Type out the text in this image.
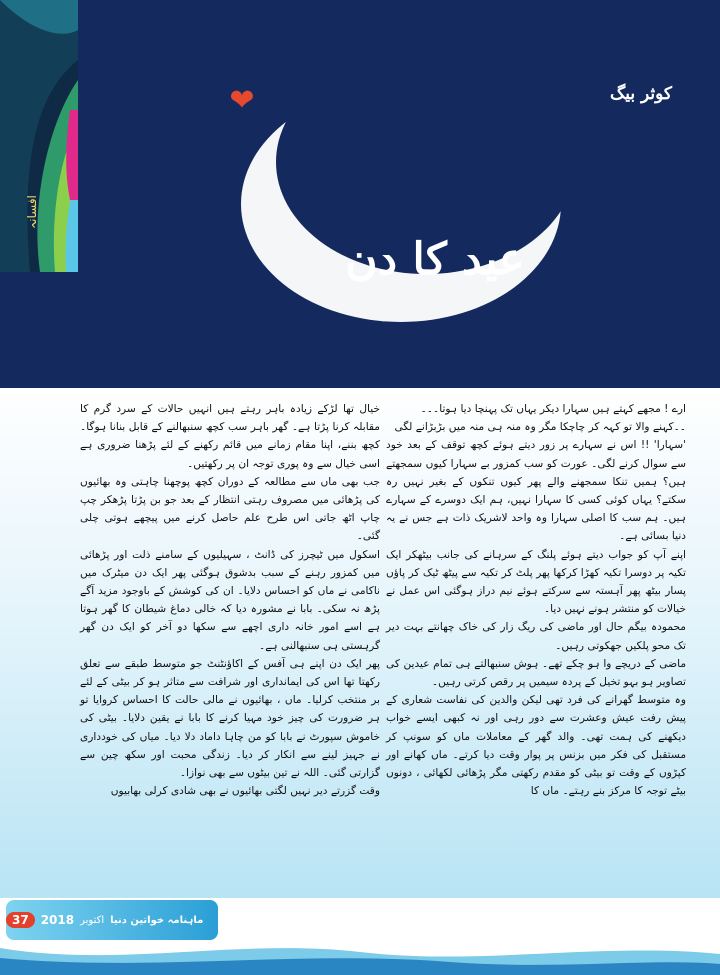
افسانہ
❤	کوثر بیگ
عید کا دن

ارے ! مجھے کہتے ہیں سہارا دیکر یہاں تک پہنچا دیا ہوتا۔۔۔

۔۔کہنے والا تو کہہ کر چاچکا مگر وہ منہ ہی منہ میں بڑبڑانے لگی

'سہارا' !! اس نے سہارے پر زور دیتے ہوئے کچھ توقف کے بعد خود سے سوال کرنے لگی۔ عورت کو سب کمزور بے سہارا کیوں سمجھتے ہیں؟ ہمیں تنکا سمجھنے والے پھر کیوں تنکوں کے بغیر نہیں رہ سکتے؟ یہاں کوئی کسی کا سہارا نہیں، ہم ایک دوسرے کے سہارے ہیں۔ ہم سب کا اصلی سہارا وہ واحد لاشریک ذات ہے جس نے یہ دنیا بسائی ہے۔

اپنے آپ کو جواب دیتے ہوئے پلنگ کے سرہانے کی جانب بیٹھکر ایک تکیہ پر دوسرا تکیہ کھڑا کرکھا پھر پلٹ کر تکیہ سے پیٹھ ٹیک کر پاؤں پسار بیٹھ پھر آہستہ سے سرکتے ہوئے نیم دراز ہوگئی اس عمل نے خیالات کو منتشر ہونے نہیں دیا۔

محمودہ بیگم حال اور ماضی کی ریگ زار کی خاک چھانتے بہت دیر تک محو پلکیں جھکوتی رہیں۔

ماضی کے دریچے وا ہو چکے تھے۔ ہوش سنبھالتے ہی تمام عیدین کی تصاویر ہو بہو تخیل کے پردہ سیمیں پر رقص کرتی رہیں۔

وہ متوسط گھرانے کی فرد تھی لیکن والدین کی نفاست شعاری کے پیش رفت عیش وعشرت سے دور رہی اور نہ کبھی ایسے خواب دیکھنے کی ہمت تھی۔ والد گھر کے معاملات ماں کو سونپ کر مستقبل کی فکر میں بزنس پر پوار وقت دیا کرتے۔ ماں کھانے اور کپڑوں کے وقت تو بیٹی کو مقدم رکھتی مگر پڑھائی لکھائی ، دونوں بیٹے توجہ کا مرکز بنے رہتے۔ ماں کا

خیال تھا لڑکے زیادہ باہر رہتے ہیں انہیں حالات کے سرد گرم کا مقابلہ کرنا پڑتا ہے۔ گھر باہر سب کچھ سنبھالنے کے قابل بنانا ہوگا۔ کچھ بننے، اپنا مقام زمانے میں قائم رکھنے کے لئے پڑھنا ضروری ہے اسی خیال سے وہ پوری توجہ ان پر رکھتیں۔

جب بھی ماں سے مطالعہ کے دوران کچھ پوچھنا چاہتی وہ بھائیوں کی پڑھائی میں مصروف رہتی انتظار کے بعد جو بن پڑتا پڑھکر چپ چاپ اٹھ جاتی اس طرح علم حاصل کرنے میں پیچھے ہوتی چلی گئی۔

اسکول میں ٹیچرز کی ڈانٹ ، سہیلیوں کے سامنے ذلت اور پڑھائی میں کمزور رہنے کے سبب بدشوق ہوگئی پھر ایک دن میٹرک میں ناکامی نے ماں کو احساس دلایا۔ ان کی کوشش کے باوجود مزید آگے پڑھ نہ سکی۔ بابا نے مشورہ دیا کہ خالی دماغ شیطان کا گھر ہوتا ہے اسے امور خانہ داری اچھے سے سکھا دو آخر کو ایک دن گھر گرہستی ہی سنبھالنی ہے۔

پھر ایک دن اپنے ہی آفس کے اکاؤنٹنٹ جو متوسط طبقے سے تعلق رکھتا تھا اس کی ایمانداری اور شرافت سے متاثر ہو کر بیٹی کے لئے بر منتخب کرلیا۔ ماں ، بھائیوں نے مالی حالت کا احساس کروایا تو ہر ضرورت کی چیز خود مہیا کرنے کا بابا نے یقین دلایا۔ بیٹی کی خاموش سپورٹ نے بابا کو من چاہا داماد دلا دیا۔ میاں کی خودداری نے جہیز لینے سے انکار کر دیا۔ زندگی محبت اور سکھ چین سے گزارتی گئی۔ اللہ نے تین بیٹوں سے بھی نوازا۔

وقت گزرتے دیر نہیں لگتی بھائیوں نے بھی شادی کرلی بھابیوں

ماہنامہ خواتین دنیا
اکتوبر
2018
37
